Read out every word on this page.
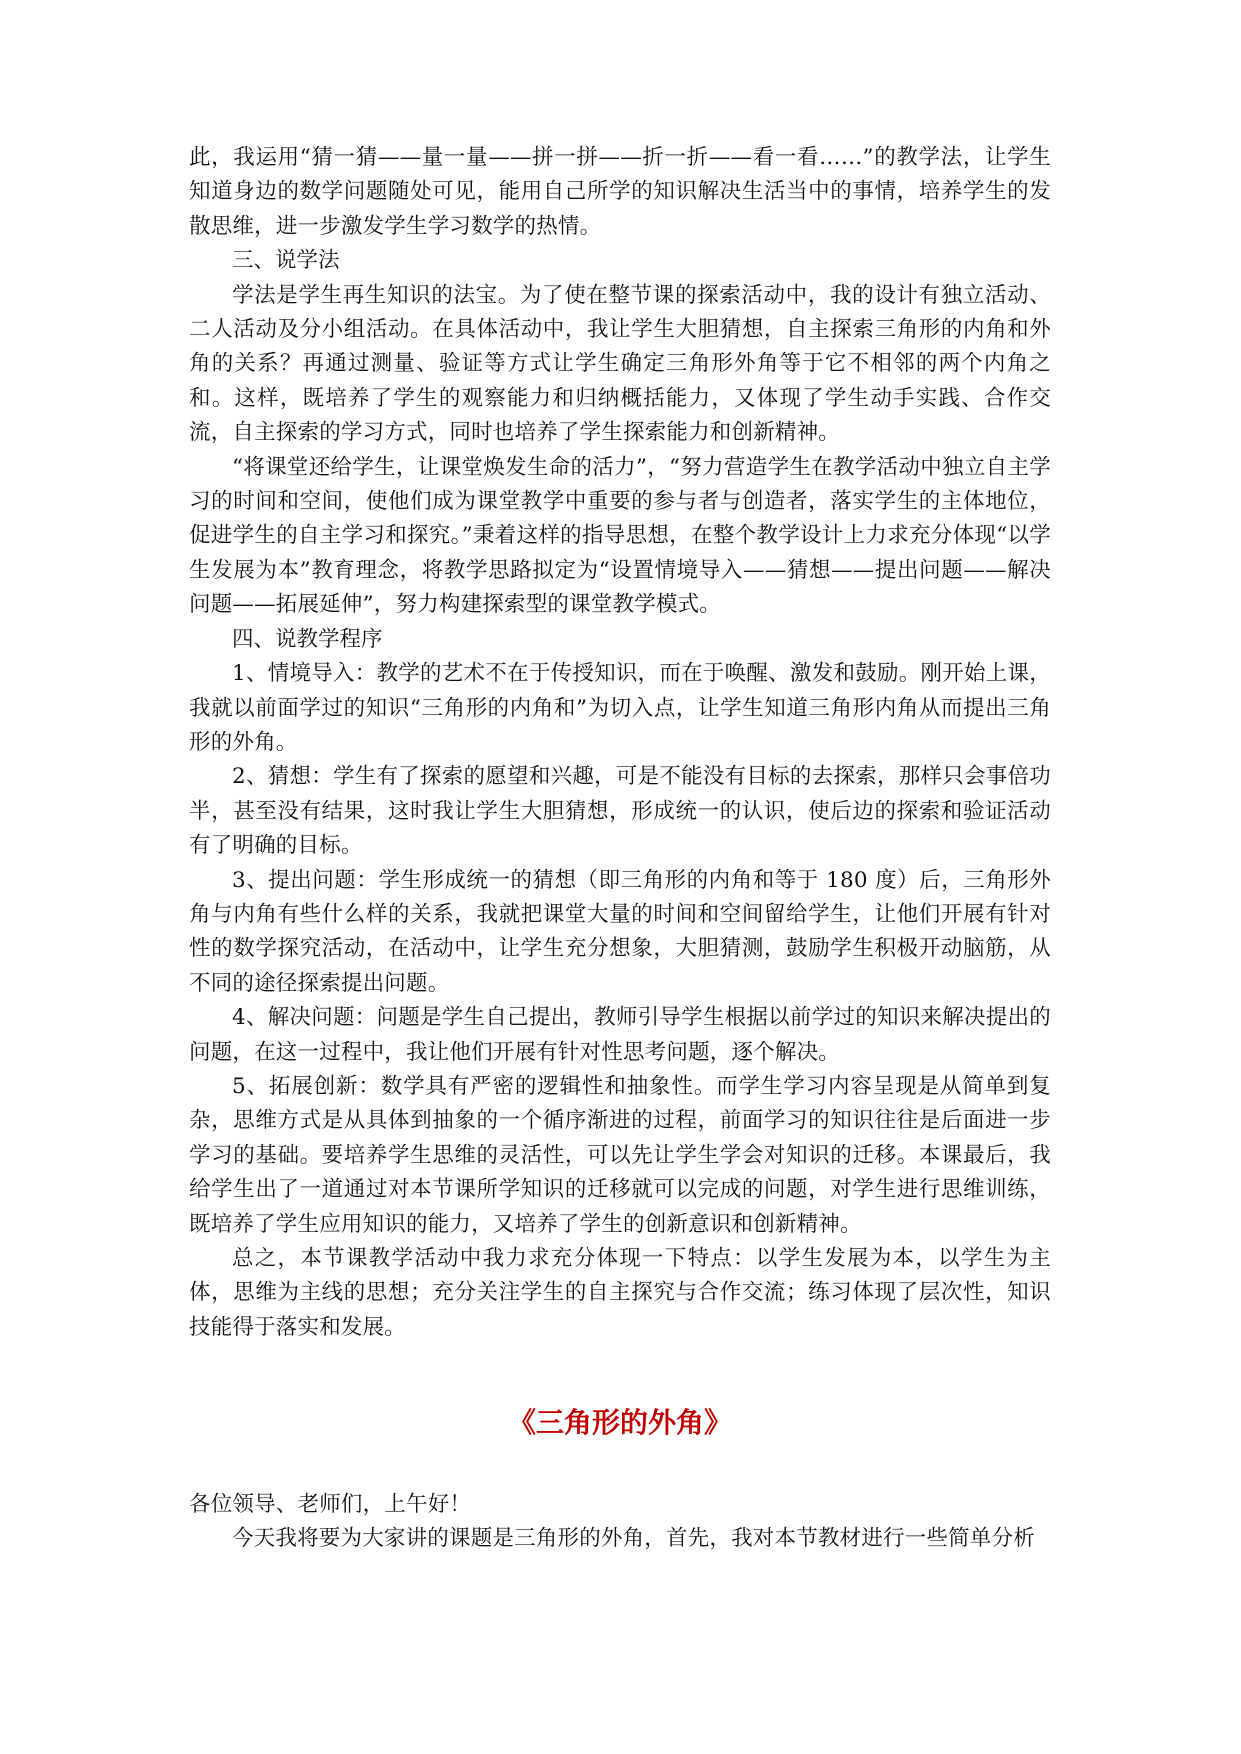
此，我运用“猜一猜——量一量——拼一拼——折一折——看一看……”的教学法，让学生知道身边的数学问题随处可见，能用自己所学的知识解决生活当中的事情，培养学生的发散思维，进一步激发学生学习数学的热情。

三、说学法

学法是学生再生知识的法宝。为了使在整节课的探索活动中，我的设计有独立活动、二人活动及分小组活动。在具体活动中，我让学生大胆猜想，自主探索三角形的内角和外角的关系？再通过测量、验证等方式让学生确定三角形外角等于它不相邻的两个内角之和。这样，既培养了学生的观察能力和归纳概括能力，又体现了学生动手实践、合作交流，自主探索的学习方式，同时也培养了学生探索能力和创新精神。

“将课堂还给学生，让课堂焕发生命的活力”，“努力营造学生在教学活动中独立自主学习的时间和空间，使他们成为课堂教学中重要的参与者与创造者，落实学生的主体地位，促进学生的自主学习和探究。”秉着这样的指导思想，在整个教学设计上力求充分体现“以学生发展为本”教育理念，将教学思路拟定为“设置情境导入——猜想——提出问题——解决问题——拓展延伸”，努力构建探索型的课堂教学模式。

四、说教学程序

1、情境导入：教学的艺术不在于传授知识，而在于唤醒、激发和鼓励。刚开始上课，我就以前面学过的知识“三角形的内角和”为切入点，让学生知道三角形内角从而提出三角形的外角。

2、猜想：学生有了探索的愿望和兴趣，可是不能没有目标的去探索，那样只会事倍功半，甚至没有结果，这时我让学生大胆猜想，形成统一的认识，使后边的探索和验证活动有了明确的目标。

3、提出问题：学生形成统一的猜想（即三角形的内角和等于 180 度）后，三角形外角与内角有些什么样的关系，我就把课堂大量的时间和空间留给学生，让他们开展有针对性的数学探究活动，在活动中，让学生充分想象，大胆猜测，鼓励学生积极开动脑筋，从不同的途径探索提出问题。

4、解决问题：问题是学生自己提出，教师引导学生根据以前学过的知识来解决提出的问题，在这一过程中，我让他们开展有针对性思考问题，逐个解决。

5、拓展创新：数学具有严密的逻辑性和抽象性。而学生学习内容呈现是从简单到复杂，思维方式是从具体到抽象的一个循序渐进的过程，前面学习的知识往往是后面进一步学习的基础。要培养学生思维的灵活性，可以先让学生学会对知识的迁移。本课最后，我给学生出了一道通过对本节课所学知识的迁移就可以完成的问题，对学生进行思维训练，既培养了学生应用知识的能力，又培养了学生的创新意识和创新精神。

总之，本节课教学活动中我力求充分体现一下特点：以学生发展为本，以学生为主体，思维为主线的思想；充分关注学生的自主探究与合作交流；练习体现了层次性，知识技能得于落实和发展。

《三角形的外角》

各位领导、老师们，上午好！

今天我将要为大家讲的课题是三角形的外角，首先，我对本节教材进行一些简单分析
